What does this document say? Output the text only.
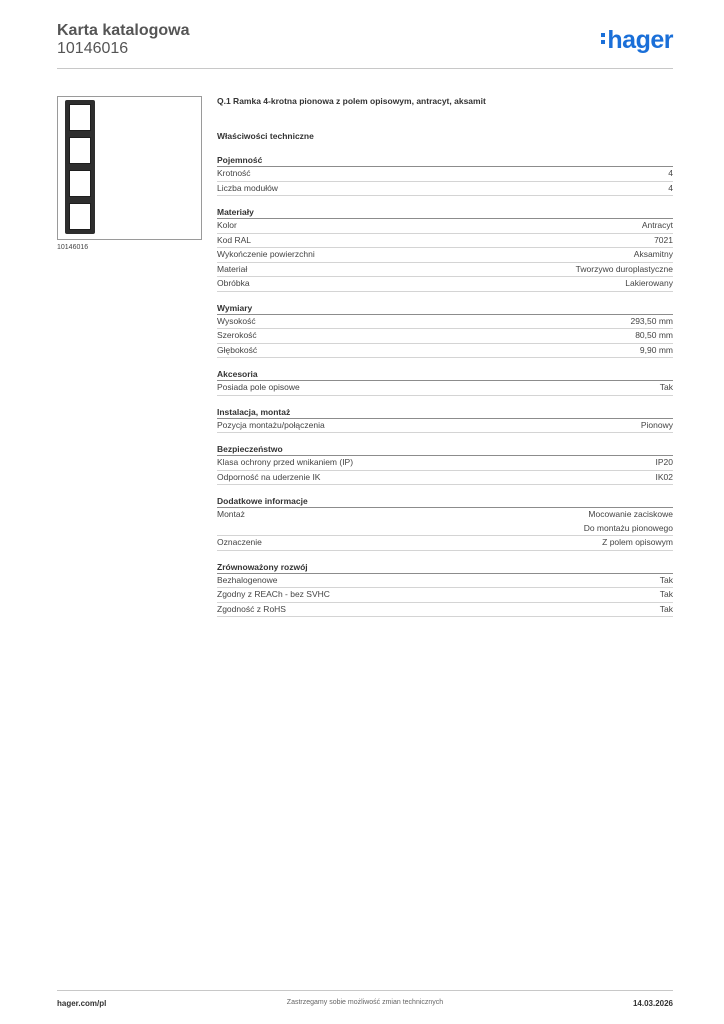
Karta katalogowa
10146016	hager
10146016
Q.1 Ramka 4-krotna pionowa z polem opisowym, antracyt, aksamit
Właściwości techniczne
Pojemność
Krotność	4
Liczba modułów	4
Materiały
Kolor	Antracyt
Kod RAL	7021
Wykończenie powierzchni	Aksamitny
Materiał	Tworzywo duroplastyczne
Obróbka	Lakierowany
Wymiary
Wysokość	293,50 mm
Szerokość	80,50 mm
Głębokość	9,90 mm
Akcesoria
Posiada pole opisowe	Tak
Instalacja, montaż
Pozycja montażu/połączenia	Pionowy
Bezpieczeństwo
Klasa ochrony przed wnikaniem (IP)	IP20
Odporność na uderzenie IK	IK02
Dodatkowe informacje
Montaż	Mocowanie zaciskowe
Do montażu pionowego
Oznaczenie	Z polem opisowym
Zrównoważony rozwój
Bezhalogenowe	Tak
Zgodny z REACh - bez SVHC	Tak
Zgodność z RoHS	Tak
hager.com/pl	Zastrzegamy sobie możliwość zmian technicznych	14.03.2026
